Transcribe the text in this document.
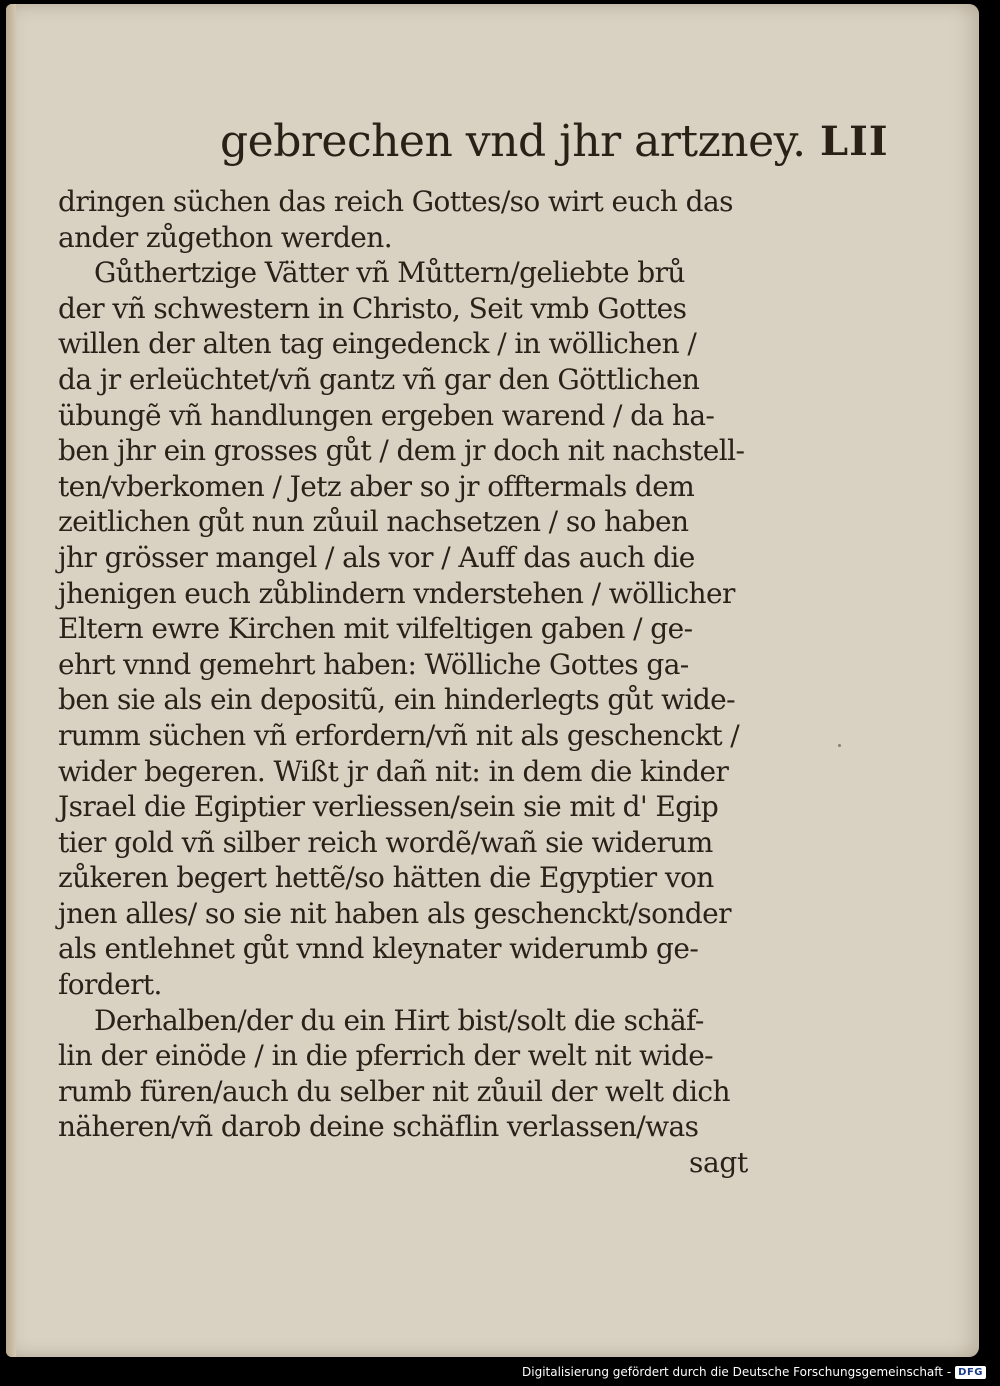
gebrechen vnd jhr artzney. LII
dringen süchen das reich Gottes/so wirt euch das
ander zůgethon werden.
Gůthertzige Vätter vñ Můttern/geliebte brů
der vñ schwestern in Christo, Seit vmb Gottes
willen der alten tag eingedenck / in wöllichen /
da jr erleüchtet/vñ gantz vñ gar den Göttlichen
übungẽ vñ handlungen ergeben warend / da ha-
ben jhr ein grosses gůt / dem jr doch nit nachstell-
ten/vberkomen / Jetz aber so jr offtermals dem
zeitlichen gůt nun zůuil nachsetzen / so haben
jhr grösser mangel / als vor / Auff das auch die
jhenigen euch zůblindern vnderstehen / wöllicher
Eltern ewre Kirchen mit vilfeltigen gaben / ge-
ehrt vnnd gemehrt haben: Wölliche Gottes ga-
ben sie als ein depositũ, ein hinderlegts gůt wide-
rumm süchen vñ erfordern/vñ nit als geschenckt /
wider begeren. Wißt jr dañ nit: in dem die kinder
Jsrael die Egiptier verliessen/sein sie mit d' Egip
tier gold vñ silber reich wordẽ/wañ sie widerum
zůkeren begert hettẽ/so hätten die Egyptier von
jnen alles/ so sie nit haben als geschenckt/sonder
als entlehnet gůt vnnd kleynater widerumb ge-
fordert.
Derhalben/der du ein Hirt bist/solt die schäf-
lin der einöde / in die pferrich der welt nit wide-
rumb füren/auch du selber nit zůuil der welt dich
näheren/vñ darob deine schäflin verlassen/was
sagt
Digitalisierung gefördert durch die Deutsche Forschungsgemeinschaft - DFG
